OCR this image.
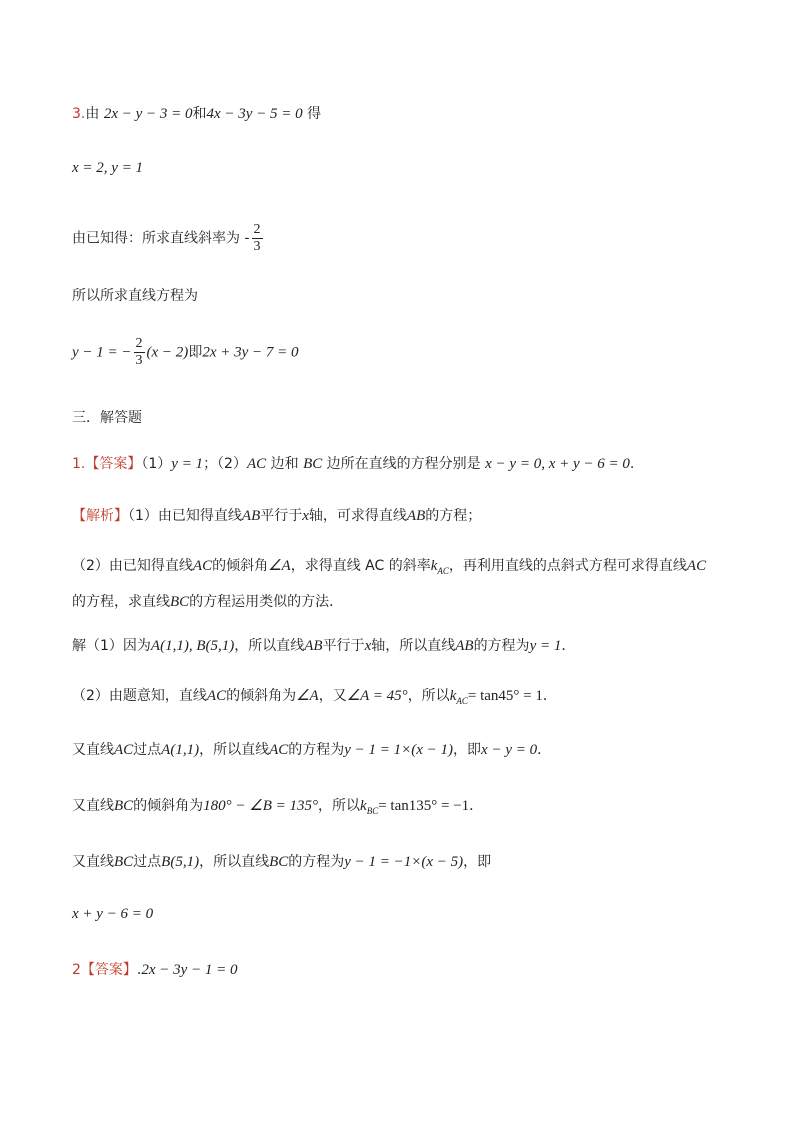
3.由 2x − y − 3 = 0和4x − 3y − 5 = 0 得
x = 2, y = 1
由已知得：所求直线斜率为 - $\frac{2}{3}$
所以所求直线方程为
y − 1 = − $\frac{2}{3} (x - 2)$即2x + 3y − 7 = 0
三．解答题
1.【答案】（1）y = 1；（2）AC 边和 BC 边所在直线的方程分别是 x − y = 0, x + y − 6 = 0.
【解析】（1）由已知得直线AB平行于x轴，可求得直线AB的方程；
（2）由已知得直线AC的倾斜角∠A，求得直线 AC 的斜率$k_{AC}$，再利用直线的点斜式方程可求得直线AC
的方程，求直线BC的方程运用类似的方法．
解（1）因为A(1,1), B(5,1)，所以直线AB平行于x轴，所以直线AB的方程为y = 1．
（2）由题意知，直线AC的倾斜角为∠A，又∠A = 45°，所以$k_{AC}= \tan 45^\circ = 1$．
又直线AC过点A(1,1)，所以直线AC的方程为y − 1 = 1×(x − 1)，即x − y = 0．
又直线BC的倾斜角为180° − ∠B = 135°，所以$k_{BC}= \tan 135^\circ = -1$．
又直线BC过点B(5,1)，所以直线BC的方程为y − 1 = −1×(x − 5)，即
x + y − 6 = 0
2【答案】.2x − 3y − 1 = 0
